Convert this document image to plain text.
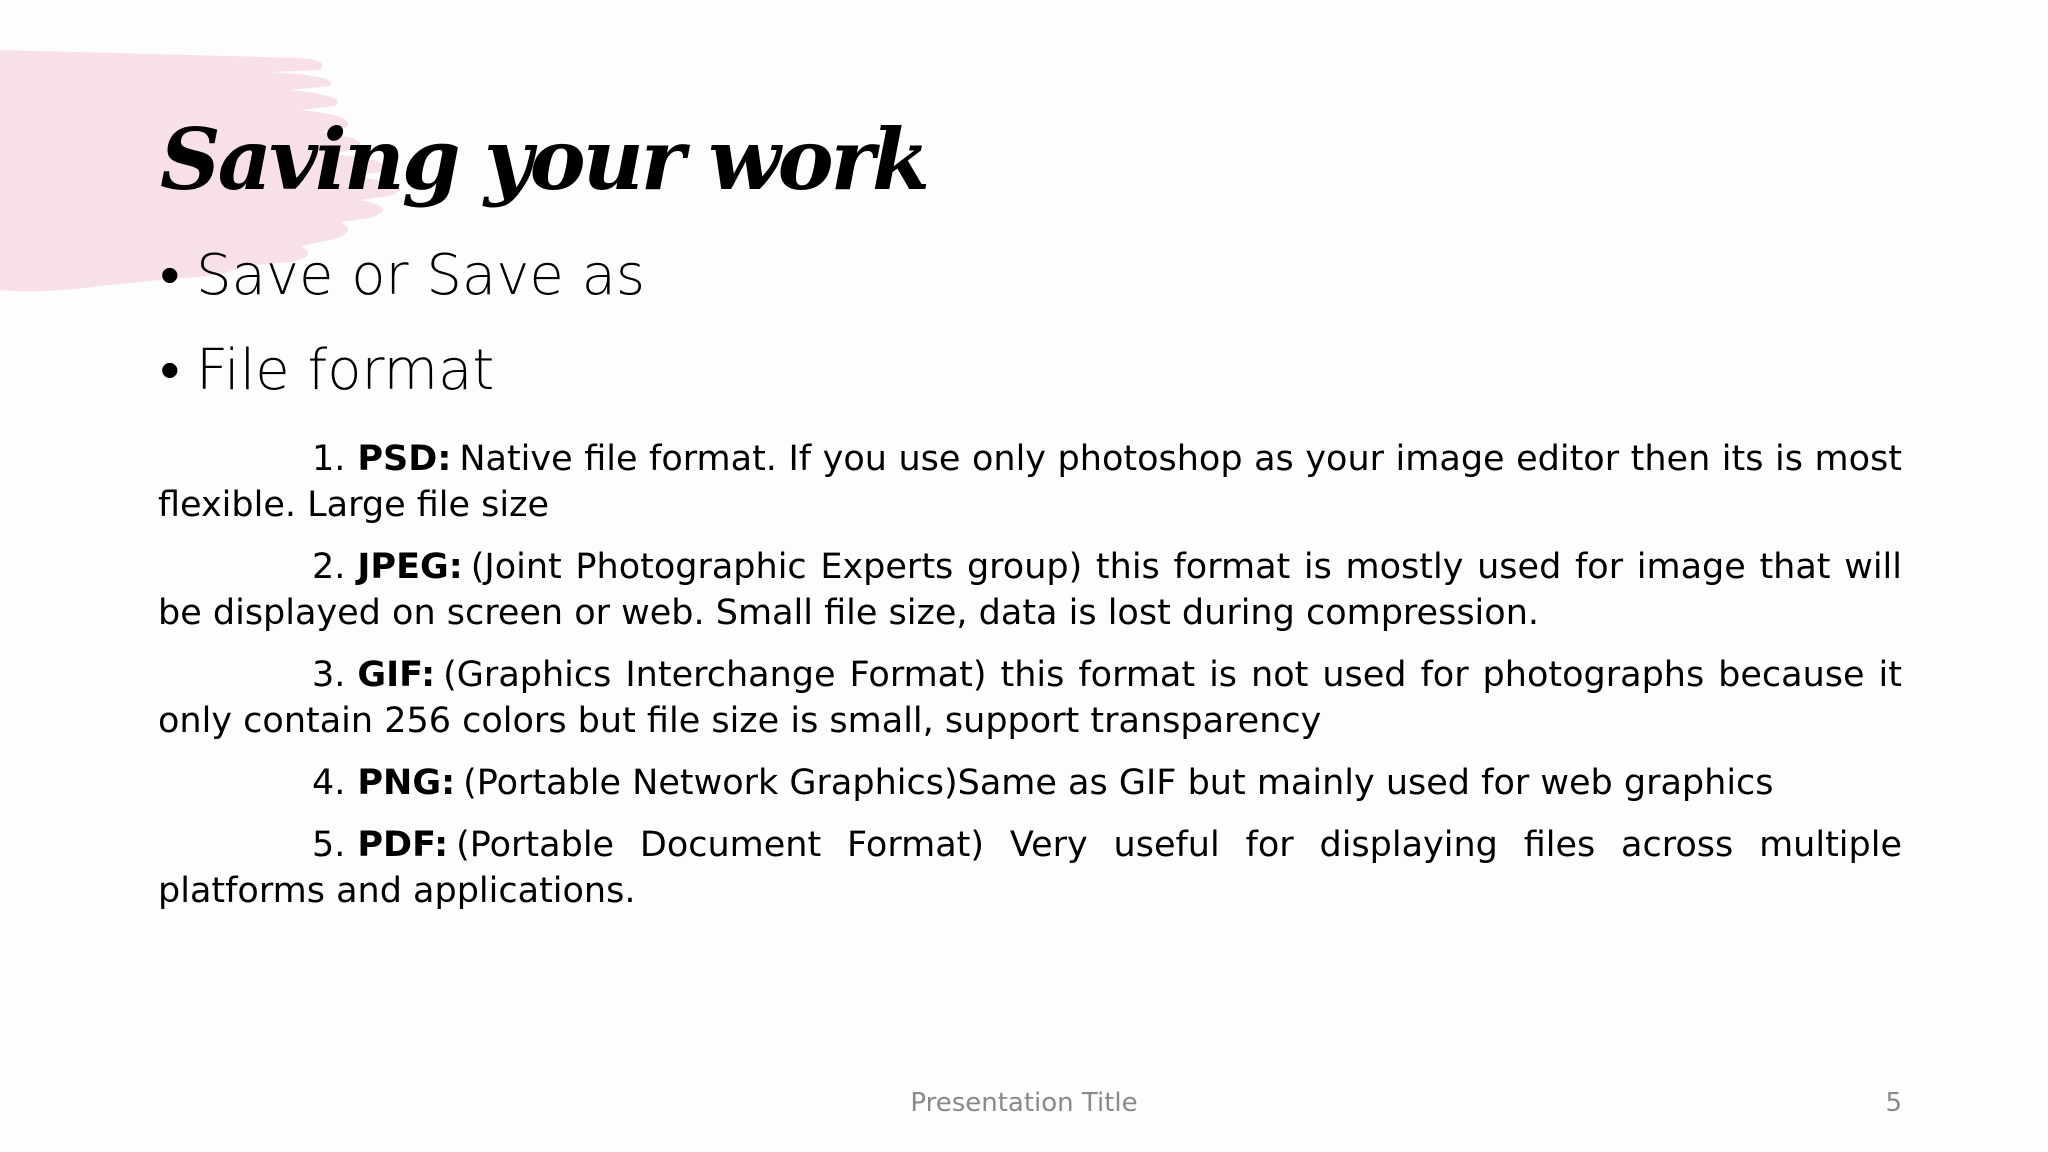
Saving your work
• Save or Save as
• File format

1. PSD: Native file format. If you use only photoshop as your image editor then its is most flexible. Large file size

2. JPEG: (Joint Photographic Experts group) this format is mostly used for image that will be displayed on screen or web. Small file size, data is lost during compression.

3. GIF: (Graphics Interchange Format) this format is not used for photographs because it only contain 256 colors but file size is small, support transparency

4. PNG: (Portable Network Graphics)Same as GIF but mainly used for web graphics

5. PDF: (Portable Document Format) Very useful for displaying files across multiple platforms and applications.

Presentation Title	5
